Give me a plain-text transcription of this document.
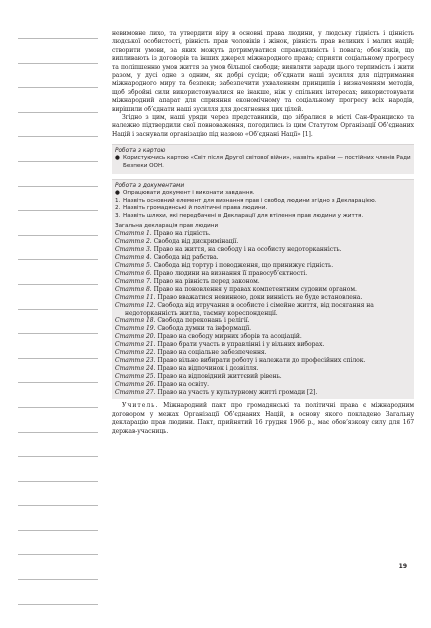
невимовне лихо, та утвердити віру в основні права людини, у людську гідність і цінність людської особистості, рівність прав чоловіків і жінок, рівність прав великих і малих націй; створити умови, за яких можуть дотримуватися справедливість і повага; обов’язків, що випливають із договорів та інших джерел міжнародного права; сприяти соціальному прогресу та поліпшенню умов життя за умов більшої свободи; виявляти заради цього терпимість і жити разом, у дусі одне з одним, як добрі сусіди; об’єднати наші зусилля для підтримання міжнародного миру та безпеки; забезпечити ухваленням принципів і визначенням методів, щоб збройні сили використовувалися не інакше, ніж у спільних інтересах; використовувати міжнародний апарат для сприяння економічному та соціальному прогресу всіх народів, вирішили об’єднати наші зусилля для досягнення цих цілей.

Згідно з цим, наші уряди через представників, що зібралися в місті Сан-Франциско та належно підтвердили свої повноваження, погодились із цим Статутом Організації Об’єднаних Націй і заснували організацію під назвою «Об’єднані Нації» [1].

Робота з картою
● Користуючись картою «Світ після Другої світової війни», назвіть країни — постійних членів Ради Безпеки ООН.
Робота з документами
● Опрацювати документ і виконати завдання.
1. Назвіть основний елемент для визнання прав і свобод людини згідно з Декларацією.
2. Назвіть громадянські й політичні права людини.
3. Назвіть шляхи, які передбачені в Декларації для втілення прав людини у життя.
Загальна декларація прав людини
Стаття 1. Право на гідність.
Стаття 2. Свобода від дискримінації.
Стаття 3. Право на життя, на свободу і на особисту недоторканність.
Стаття 4. Свобода від рабства.
Стаття 5. Свобода від тортур і поводження, що принижує гідність.
Стаття 6. Право людини на визнання її правосуб’єктності.
Стаття 7. Право на рівність перед законом.
Стаття 8. Право на поновлення у правах компетентним судовим органом.
Стаття 11. Право вважатися невинною, доки винність не буде встановлена.
Стаття 12. Свобода від втручання в особисте і сімейне життя, від посягання на недоторканність житла, таємну кореспонденції.
Стаття 18. Свобода переконань і релігії.
Стаття 19. Свобода думки та інформації.
Стаття 20. Право на свободу мирних зборів та асоціацій.
Стаття 21. Право брати участь в управлінні і у вільних виборах.
Стаття 22. Право на соціальне забезпечення.
Стаття 23. Право вільно вибирати роботу і належати до професійних спілок.
Стаття 24. Право на відпочинок і дозвілля.
Стаття 25. Право на відповідний життєвий рівень.
Стаття 26. Право на освіту.
Стаття 27. Право на участь у культурному житті громади [2].

Учитель. Міжнародний пакт про громадянські та політичні права є міжнародним договором у межах Організації Об’єднаних Націй, в основу якого покладено Загальну декларацію прав людини. Пакт, прийнятий 16 грудня 1966 р., має обов’язкову силу для 167 держав-учасниць.

19
